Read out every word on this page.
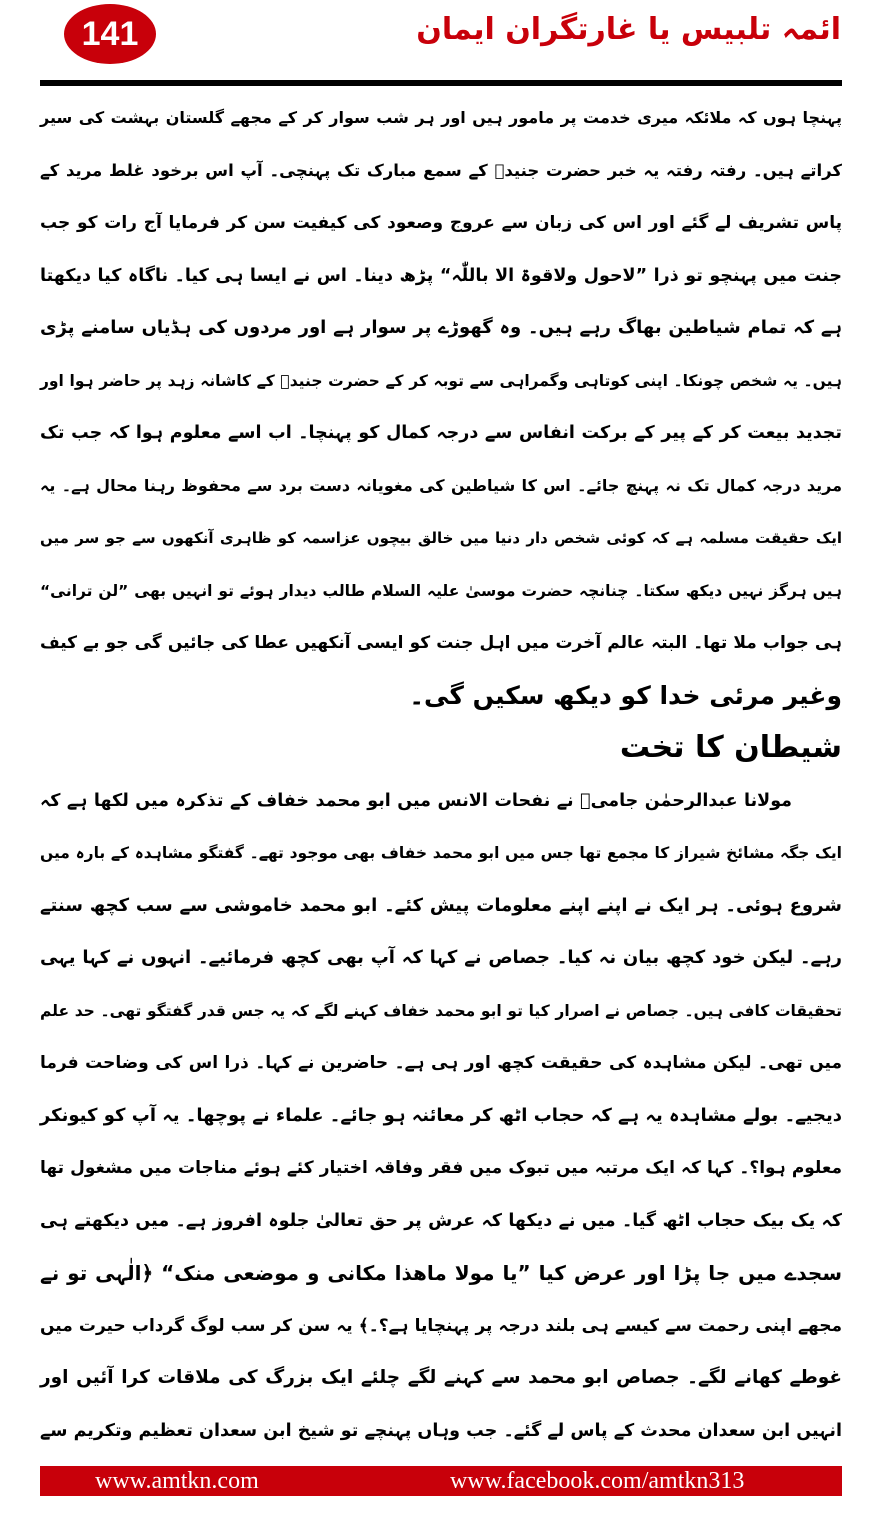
141	ائمہ تلبیس یا غارتگران ایمان
پہنچا ہوں کہ ملائکہ میری خدمت پر مامور ہیں اور ہر شب سوار کر کے مجھے گلستان بہشت کی سیر
کراتے ہیں۔ رفتہ رفتہ یہ خبر حضرت جنیدؒ کے سمع مبارک تک پہنچی۔ آپ اس برخود غلط مرید کے
پاس تشریف لے گئے اور اس کی زبان سے عروج وصعود کی کیفیت سن کر فرمایا آج رات کو جب
جنت میں پہنچو تو ذرا ”لاحول ولاقوۃ الا باللّٰہ“ پڑھ دینا۔ اس نے ایسا ہی کیا۔ ناگاہ کیا دیکھتا
ہے کہ تمام شیاطین بھاگ رہے ہیں۔ وہ گھوڑے پر سوار ہے اور مردوں کی ہڈیاں سامنے پڑی
ہیں۔ یہ شخص چونکا۔ اپنی کوتاہی وگمراہی سے توبہ کر کے حضرت جنیدؒ کے کاشانہ زہد پر حاضر ہوا اور
تجدید بیعت کر کے پیر کے برکت انفاس سے درجہ کمال کو پہنچا۔ اب اسے معلوم ہوا کہ جب تک
مرید درجہ کمال تک نہ پہنچ جائے۔ اس کا شیاطین کی مغویانہ دست برد سے محفوظ رہنا محال ہے۔ یہ
ایک حقیقت مسلمہ ہے کہ کوئی شخص دار دنیا میں خالق بیچوں عزاسمہ کو ظاہری آنکھوں سے جو سر میں
ہیں ہرگز نہیں دیکھ سکتا۔ چنانچہ حضرت موسیٰ علیہ السلام طالب دیدار ہوئے تو انہیں بھی ”لن ترانی“
ہی جواب ملا تھا۔ البتہ عالم آخرت میں اہل جنت کو ایسی آنکھیں عطا کی جائیں گی جو بے کیف
وغیر مرئی خدا کو دیکھ سکیں گی۔
شیطان کا تخت
مولانا عبدالرحمٰن جامیؒ نے نفحات الانس میں ابو محمد خفاف کے تذکرہ میں لکھا ہے کہ
ایک جگہ مشائخ شیراز کا مجمع تھا جس میں ابو محمد خفاف بھی موجود تھے۔ گفتگو مشاہدہ کے بارہ میں
شروع ہوئی۔ ہر ایک نے اپنے اپنے معلومات پیش کئے۔ ابو محمد خاموشی سے سب کچھ سنتے
رہے۔ لیکن خود کچھ بیان نہ کیا۔ جصاص نے کہا کہ آپ بھی کچھ فرمائیے۔ انہوں نے کہا یہی
تحقیقات کافی ہیں۔ جصاص نے اصرار کیا تو ابو محمد خفاف کہنے لگے کہ یہ جس قدر گفتگو تھی۔ حد علم
میں تھی۔ لیکن مشاہدہ کی حقیقت کچھ اور ہی ہے۔ حاضرین نے کہا۔ ذرا اس کی وضاحت فرما
دیجیے۔ بولے مشاہدہ یہ ہے کہ حجاب اٹھ کر معائنہ ہو جائے۔ علماء نے پوچھا۔ یہ آپ کو کیونکر
معلوم ہوا؟۔ کہا کہ ایک مرتبہ میں تبوک میں فقر وفاقہ اختیار کئے ہوئے مناجات میں مشغول تھا
کہ یک بیک حجاب اٹھ گیا۔ میں نے دیکھا کہ عرش پر حق تعالیٰ جلوہ افروز ہے۔ میں دیکھتے ہی
سجدے میں جا پڑا اور عرض کیا ”یا مولا ماھذا مکانی و موضعی منک“ ﴿الٰہی تو نے
مجھے اپنی رحمت سے کیسے ہی بلند درجہ پر پہنچایا ہے؟۔﴾ یہ سن کر سب لوگ گرداب حیرت میں
غوطے کھانے لگے۔ جصاص ابو محمد سے کہنے لگے چلئے ایک بزرگ کی ملاقات کرا آئیں اور
انہیں ابن سعدان محدث کے پاس لے گئے۔ جب وہاں پہنچے تو شیخ ابن سعدان تعظیم وتکریم سے
www.amtkn.com	www.facebook.com/amtkn313
